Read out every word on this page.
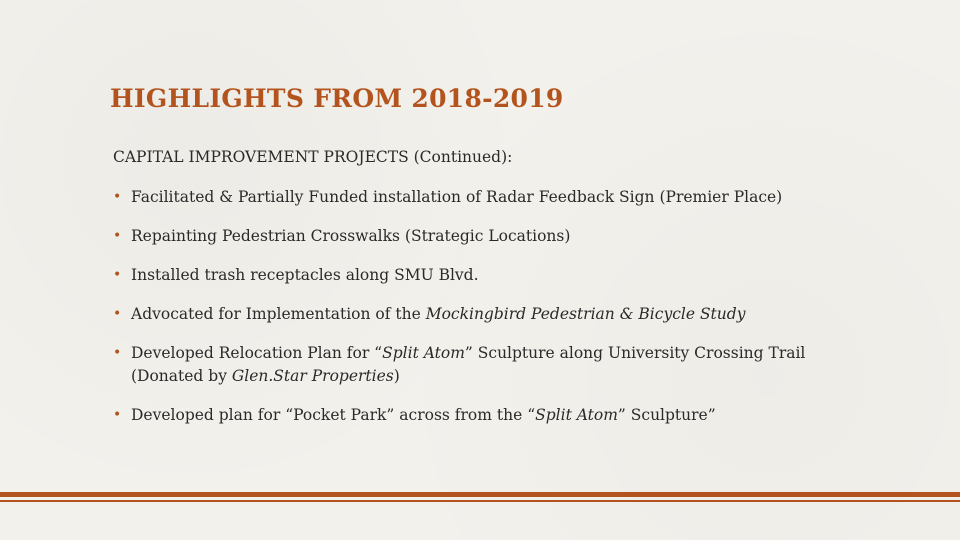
HIGHLIGHTS FROM 2018-2019

CAPITAL IMPROVEMENT PROJECTS (Continued):

• Facilitated & Partially Funded installation of Radar Feedback Sign (Premier Place)
• Repainting Pedestrian Crosswalks (Strategic Locations)
• Installed trash receptacles along SMU Blvd.
• Advocated for Implementation of the Mockingbird Pedestrian & Bicycle Study
• Developed Relocation Plan for “Split Atom” Sculpture along University Crossing Trail (Donated by Glen.Star Properties)
• Developed plan for “Pocket Park” across from the “Split Atom” Sculpture”
